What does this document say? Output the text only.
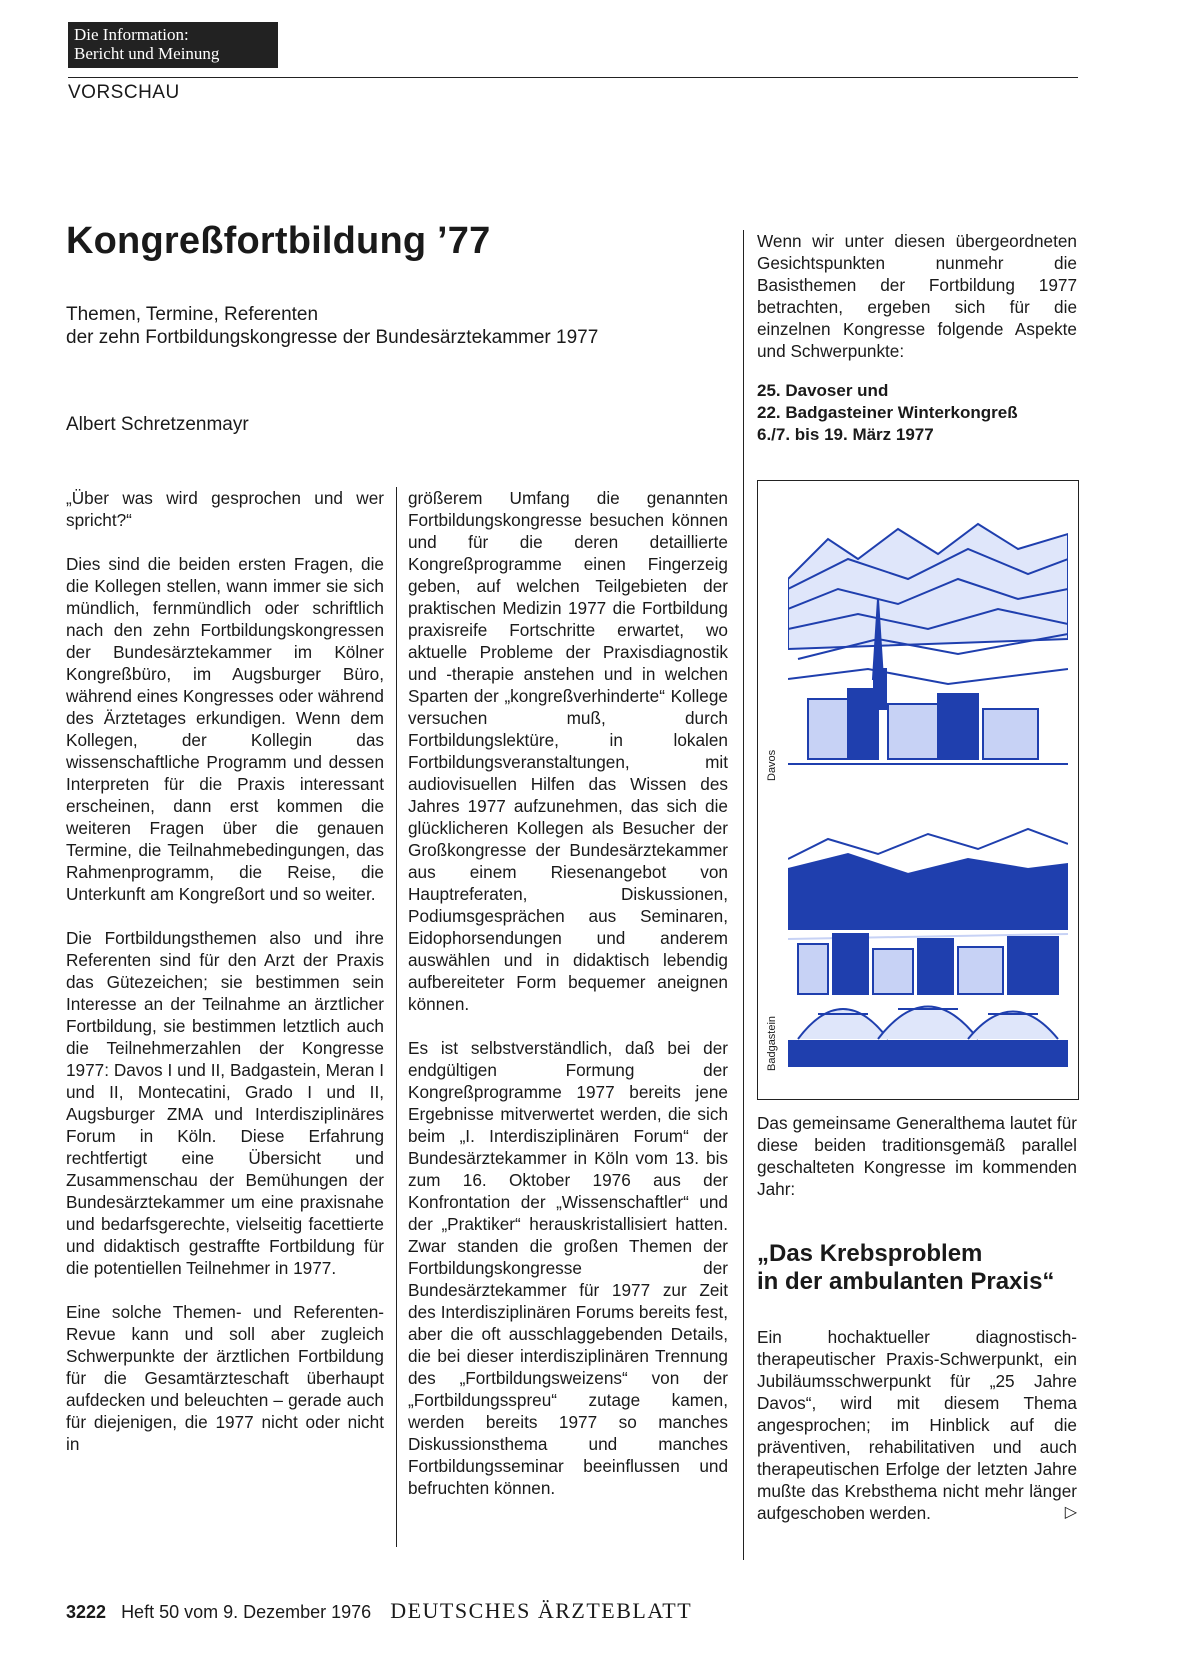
Die Information:
Bericht und Meinung
VORSCHAU
Kongreßfortbildung ’77
Themen, Termine, Referenten
der zehn Fortbildungskongresse der Bundesärztekammer 1977
Albert Schretzenmayr

„Über was wird gesprochen und wer spricht?“

Dies sind die beiden ersten Fragen, die die Kollegen stellen, wann immer sie sich mündlich, fernmündlich oder schriftlich nach den zehn Fortbildungskongressen der Bundesärztekammer im Kölner Kongreßbüro, im Augsburger Büro, während eines Kongresses oder während des Ärztetages erkundigen. Wenn dem Kollegen, der Kollegin das wissenschaftliche Programm und dessen Interpreten für die Praxis interessant erscheinen, dann erst kommen die weiteren Fragen über die genauen Termine, die Teilnahmebedingungen, das Rahmenprogramm, die Reise, die Unterkunft am Kongreßort und so weiter.

Die Fortbildungsthemen also und ihre Referenten sind für den Arzt der Praxis das Gütezeichen; sie bestimmen sein Interesse an der Teilnahme an ärztlicher Fortbildung, sie bestimmen letztlich auch die Teilnehmerzahlen der Kongresse 1977: Davos I und II, Badgastein, Meran I und II, Montecatini, Grado I und II, Augsburger ZMA und Interdisziplinäres Forum in Köln. Diese Erfahrung rechtfertigt eine Übersicht und Zusammenschau der Bemühungen der Bundesärztekammer um eine praxisnahe und bedarfsgerechte, vielseitig facettierte und didaktisch gestraffte Fortbildung für die potentiellen Teilnehmer in 1977.

Eine solche Themen- und Referenten-Revue kann und soll aber zugleich Schwerpunkte der ärztlichen Fortbildung für die Gesamtärzteschaft überhaupt aufdecken und beleuchten – gerade auch für diejenigen, die 1977 nicht oder nicht in

größerem Umfang die genannten Fortbildungskongresse besuchen können und für die deren detaillierte Kongreßprogramme einen Fingerzeig geben, auf welchen Teilgebieten der praktischen Medizin 1977 die Fortbildung praxisreife Fortschritte erwartet, wo aktuelle Probleme der Praxisdiagnostik und -therapie anstehen und in welchen Sparten der „kongreßverhinderte“ Kollege versuchen muß, durch Fortbildungslektüre, in lokalen Fortbildungsveranstaltungen, mit audiovisuellen Hilfen das Wissen des Jahres 1977 aufzunehmen, das sich die glücklicheren Kollegen als Besucher der Großkongresse der Bundesärztekammer aus einem Riesenangebot von Hauptreferaten, Diskussionen, Podiumsgesprächen aus Seminaren, Eidophorsendungen und anderem auswählen und in didaktisch lebendig aufbereiteter Form bequemer aneignen können.

Es ist selbstverständlich, daß bei der endgültigen Formung der Kongreßprogramme 1977 bereits jene Ergebnisse mitverwertet werden, die sich beim „I. Interdisziplinären Forum“ der Bundesärztekammer in Köln vom 13. bis zum 16. Oktober 1976 aus der Konfrontation der „Wissenschaftler“ und der „Praktiker“ herauskristallisiert hatten. Zwar standen die großen Themen der Fortbildungskongresse der Bundesärztekammer für 1977 zur Zeit des Interdisziplinären Forums bereits fest, aber die oft ausschlaggebenden Details, die bei dieser interdisziplinären Trennung des „Fortbildungsweizens“ von der „Fortbildungsspreu“ zutage kamen, werden bereits 1977 so manches Diskussionsthema und manches Fortbildungsseminar beeinflussen und befruchten können.

Wenn wir unter diesen übergeordneten Gesichtspunkten nunmehr die Basisthemen der Fortbildung 1977 betrachten, ergeben sich für die einzelnen Kongresse folgende Aspekte und Schwerpunkte:
25. Davoser und
22. Badgasteiner Winterkongreß
6./7. bis 19. März 1977
Davos
Badgastein
Das gemeinsame Generalthema lautet für diese beiden traditionsgemäß parallel geschalteten Kongresse im kommenden Jahr:
„Das Krebsproblem
in der ambulanten Praxis“
Ein hochaktueller diagnostisch-therapeutischer Praxis-Schwerpunkt, ein Jubiläumsschwerpunkt für „25 Jahre Davos“, wird mit diesem Thema angesprochen; im Hinblick auf die präventiven, rehabilitativen und auch therapeutischen Erfolge der letzten Jahre mußte das Krebsthema nicht mehr länger aufgeschoben werden.	▷
3222 Heft 50 vom 9. Dezember 1976 DEUTSCHES ÄRZTEBLATT
